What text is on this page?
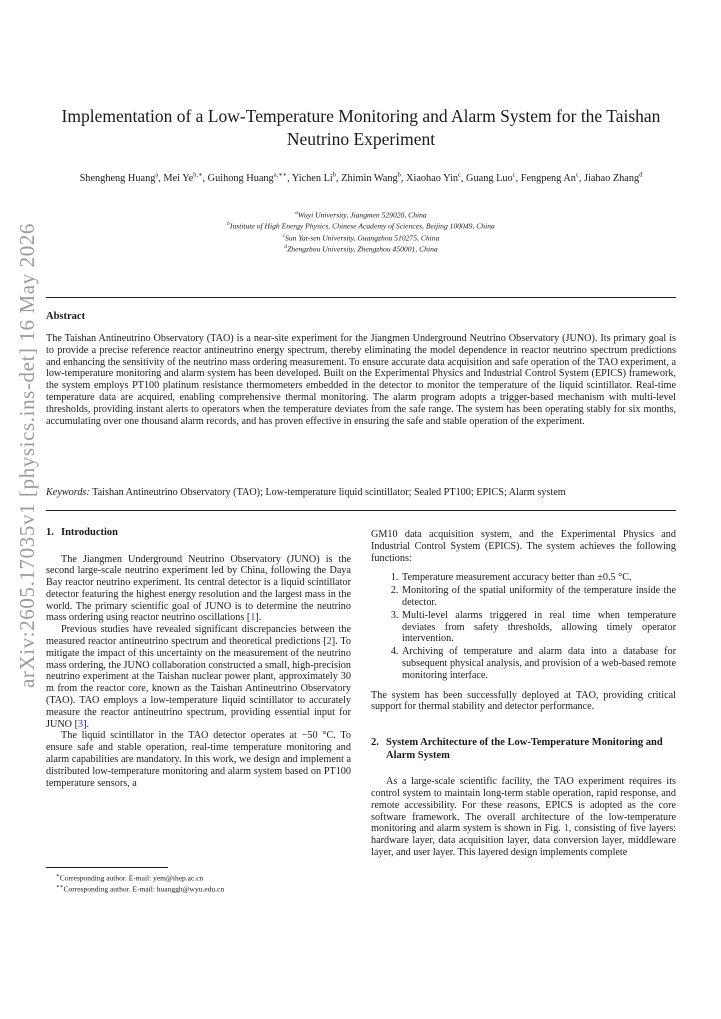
arXiv:2605.17035v1 [physics.ins-det] 16 May 2026
Implementation of a Low-Temperature Monitoring and Alarm System for the Taishan Neutrino Experiment
Shengheng Huang$^a$, Mei $Ye^{b,∗}$, Guihong Huang$^{a,∗∗}$, Yichen Li$^b$, Zhimin Wang$^b$, Xiaohao Yin$^c$, Guang Luo$^c$, Fengpeng An$^c$, Jiahao Zhang$^d$
$^a$Wuyi University, Jiangmen 529020, China
$^b$Institute of High Energy Physics, Chinese Academy of Sciences, Beijing 100049, China
$^c$Sun Yat-sen University, Guangzhou 510275, China
$^d$Zhengzhou University, Zhengzhou 450001, China
Abstract

The Taishan Antineutrino Observatory (TAO) is a near-site experiment for the Jiangmen Underground Neutrino Observatory (JUNO). Its primary goal is to provide a precise reference reactor antineutrino energy spectrum, thereby eliminating the model dependence in reactor neutrino spectrum predictions and enhancing the sensitivity of the neutrino mass ordering measurement. To ensure accurate data acquisition and safe operation of the TAO experiment, a low-temperature monitoring and alarm system has been developed. Built on the Experimental Physics and Industrial Control System (EPICS) framework, the system employs PT100 platinum resistance thermometers embedded in the detector to monitor the temperature of the liquid scintillator. Real-time temperature data are acquired, enabling comprehensive thermal monitoring. The alarm program adopts a trigger-based mechanism with multi-level thresholds, providing instant alerts to operators when the temperature deviates from the safe range. The system has been operating stably for six months, accumulating over one thousand alarm records, and has proven effective in ensuring the safe and stable operation of the experiment.

Keywords: Taishan Antineutrino Observatory (TAO); Low-temperature liquid scintillator; Sealed PT100; EPICS; Alarm system
1. Introduction

The Jiangmen Underground Neutrino Observatory (JUNO) is the second large-scale neutrino experiment led by China, following the Daya Bay reactor neutrino experiment. Its central detector is a liquid scintillator detector featuring the highest energy resolution and the largest mass in the world. The primary scientific goal of JUNO is to determine the neutrino mass ordering using reactor neutrino oscillations [1].

Previous studies have revealed significant discrepancies between the measured reactor antineutrino spectrum and theoretical predictions [2]. To mitigate the impact of this uncertainty on the measurement of the neutrino mass ordering, the JUNO collaboration constructed a small, high-precision neutrino experiment at the Taishan nuclear power plant, approximately 30 m from the reactor core, known as the Taishan Antineutrino Observatory (TAO). TAO employs a low-temperature liquid scintillator to accurately measure the reactor antineutrino spectrum, providing essential input for JUNO [3].

The liquid scintillator in the TAO detector operates at −50 °C. To ensure safe and stable operation, real-time temperature monitoring and alarm capabilities are mandatory. In this work, we design and implement a distributed low-temperature monitoring and alarm system based on PT100 temperature sensors, a

GM10 data acquisition system, and the Experimental Physics and Industrial Control System (EPICS). The system achieves the following functions:

1. Temperature measurement accuracy better than ±0.5 °C.
2. Monitoring of the spatial uniformity of the temperature inside the detector.
3. Multi-level alarms triggered in real time when temperature deviates from safety thresholds, allowing timely operator intervention.
4. Archiving of temperature and alarm data into a database for subsequent physical analysis, and provision of a web-based remote monitoring interface.

The system has been successfully deployed at TAO, providing critical support for thermal stability and detector performance.

2. System Architecture of the Low-Temperature Monitoring and Alarm System

As a large-scale scientific facility, the TAO experiment requires its control system to maintain long-term stable operation, rapid response, and remote accessibility. For these reasons, EPICS is adopted as the core software framework. The overall architecture of the low-temperature monitoring and alarm system is shown in Fig. 1, consisting of five layers: hardware layer, data acquisition layer, data conversion layer, middleware layer, and user layer. This layered design implements complete

∗Corresponding author. E-mail: yem@ihep.ac.cn
∗∗Corresponding author. E-mail: huanggh@wyu.edu.cn
